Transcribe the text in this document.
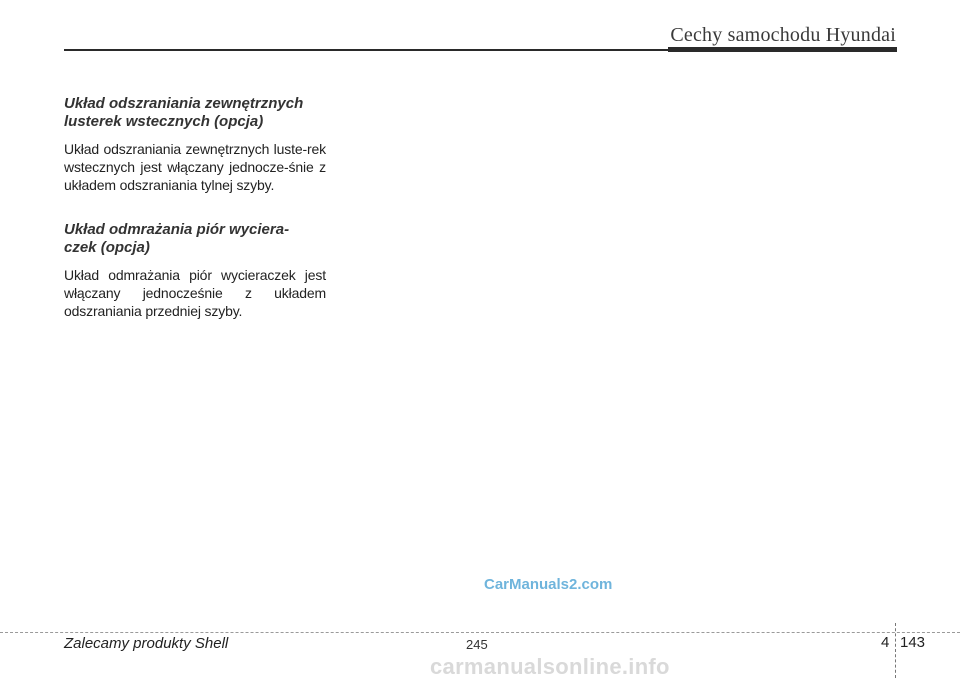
Cechy samochodu Hyundai
Układ odszraniania zewnętrznych
lusterek wstecznych (opcja)

Układ odszraniania zewnętrznych luste-rek wstecznych jest włączany jednocze-śnie z układem odszraniania tylnej szyby.

Układ odmrażania piór wyciera-
czek (opcja)

Układ odmrażania piór wycieraczek jest włączany jednocześnie z układem odszraniania przedniej szyby.

CarManuals2.com
Zalecamy produkty Shell	245	4 143
carmanualsonline.info
